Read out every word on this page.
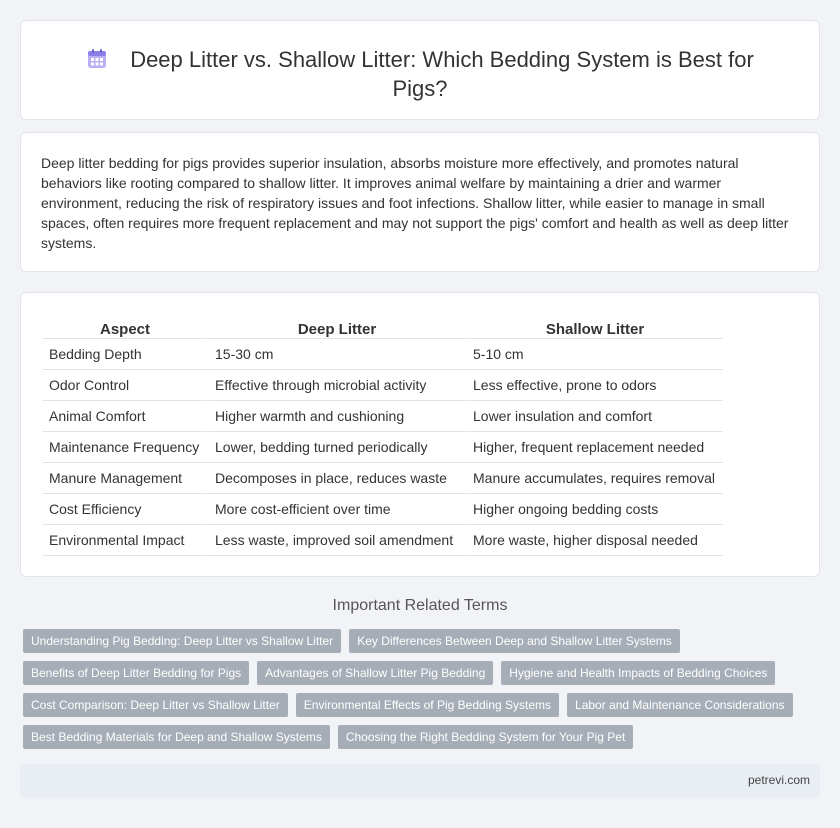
Deep Litter vs. Shallow Litter: Which Bedding System is Best for Pigs?

Deep litter bedding for pigs provides superior insulation, absorbs moisture more effectively, and promotes natural behaviors like rooting compared to shallow litter. It improves animal welfare by maintaining a drier and warmer environment, reducing the risk of respiratory issues and foot infections. Shallow litter, while easier to manage in small spaces, often requires more frequent replacement and may not support the pigs' comfort and health as well as deep litter systems.

Aspect	Deep Litter	Shallow Litter
Bedding Depth	15-30 cm	5-10 cm
Odor Control	Effective through microbial activity	Less effective, prone to odors
Animal Comfort	Higher warmth and cushioning	Lower insulation and comfort
Maintenance Frequency	Lower, bedding turned periodically	Higher, frequent replacement needed
Manure Management	Decomposes in place, reduces waste	Manure accumulates, requires removal
Cost Efficiency	More cost-efficient over time	Higher ongoing bedding costs
Environmental Impact	Less waste, improved soil amendment	More waste, higher disposal needed
Important Related Terms
Understanding Pig Bedding: Deep Litter vs Shallow Litter	Key Differences Between Deep and Shallow Litter Systems
Benefits of Deep Litter Bedding for Pigs	Advantages of Shallow Litter Pig Bedding	Hygiene and Health Impacts of Bedding Choices
Cost Comparison: Deep Litter vs Shallow Litter	Environmental Effects of Pig Bedding Systems	Labor and Maintenance Considerations
Best Bedding Materials for Deep and Shallow Systems	Choosing the Right Bedding System for Your Pig Pet
petrevi.com
